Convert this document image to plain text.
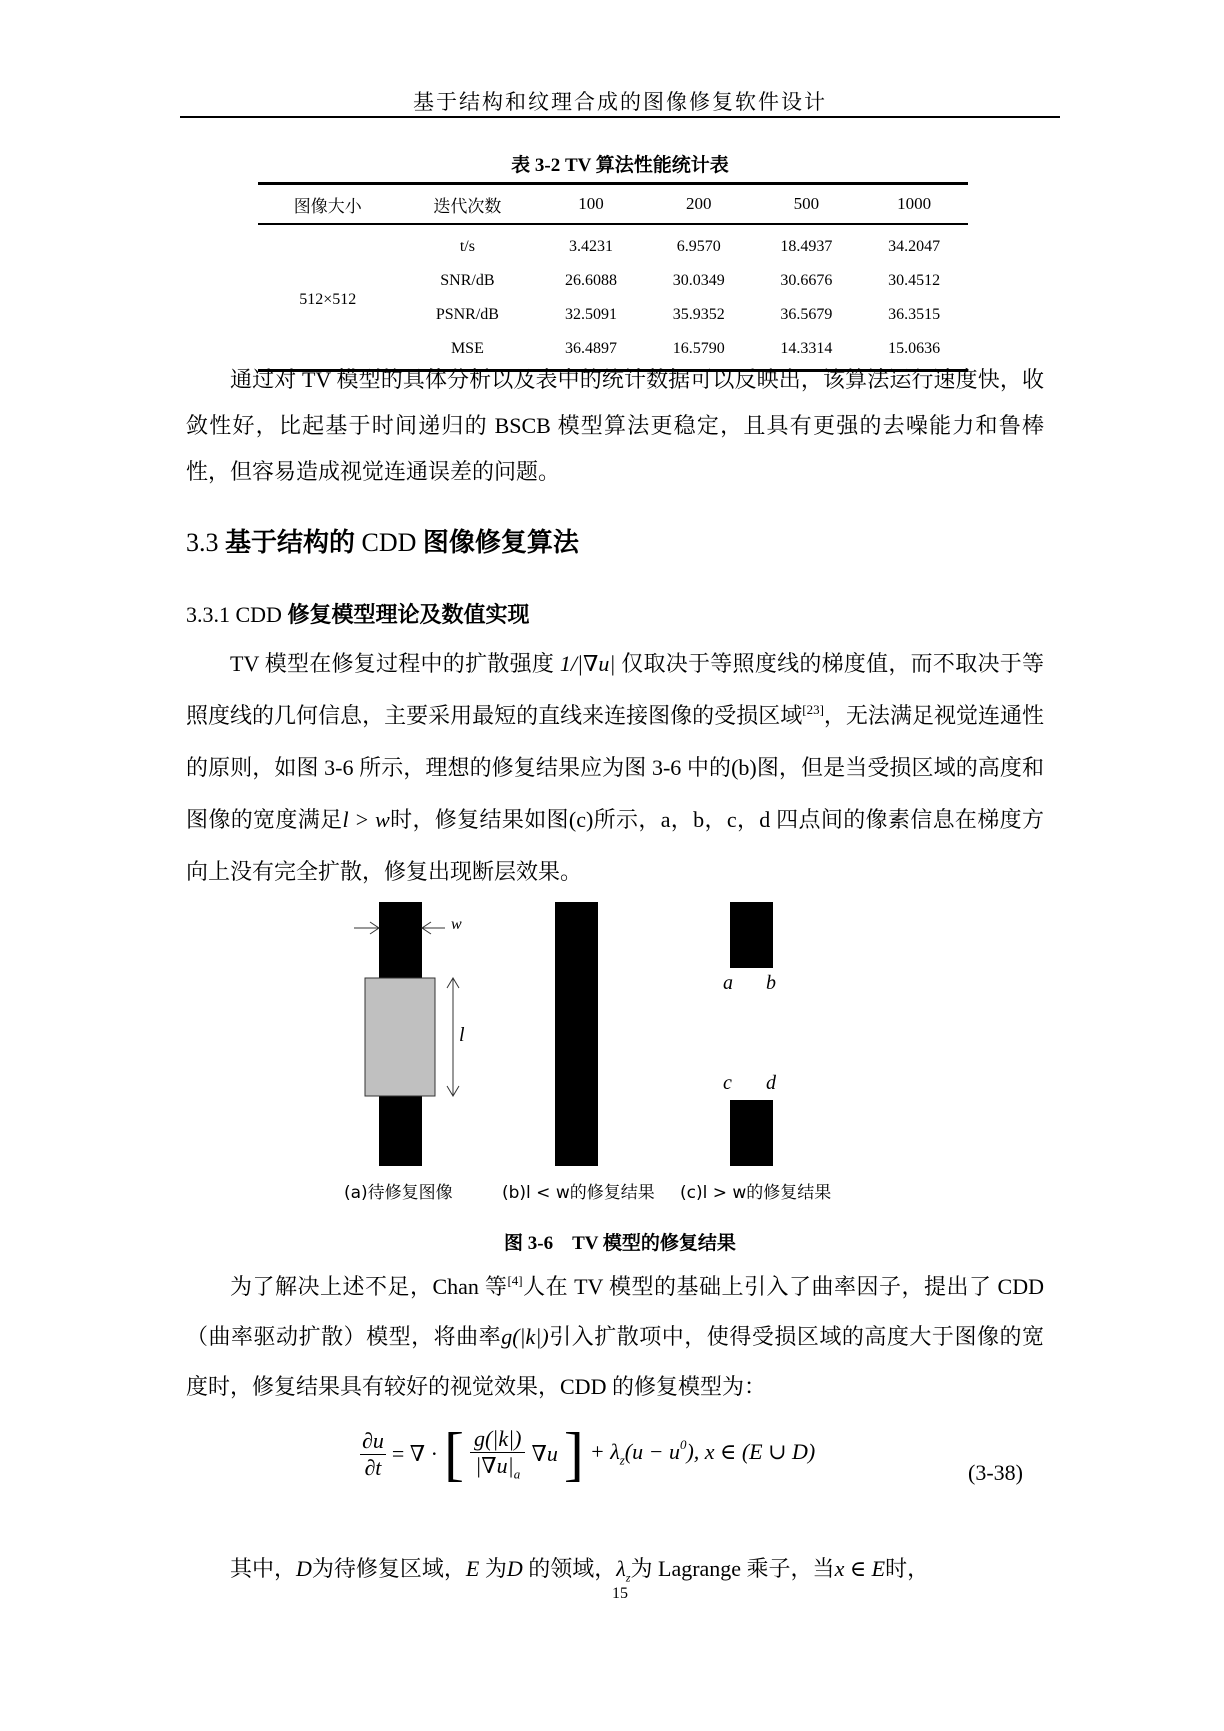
基于结构和纹理合成的图像修复软件设计
表 3-2 TV 算法性能统计表
图像大小	迭代次数	100	200	500	1000
512×512	t/s	3.4231	6.9570	18.4937	34.2047
	SNR/dB	26.6088	30.0349	30.6676	30.4512
	PSNR/dB	32.5091	35.9352	36.5679	36.3515
	MSE	36.4897	16.5790	14.3314	15.0636
通过对 TV 模型的具体分析以及表中的统计数据可以反映出，该算法运行速度快，收敛性好，比起基于时间递归的 BSCB 模型算法更稳定，且具有更强的去噪能力和鲁棒性，但容易造成视觉连通误差的问题。
3.3 基于结构的 CDD 图像修复算法
3.3.1 CDD 修复模型理论及数值实现
TV 模型在修复过程中的扩散强度 1/|∇u| 仅取决于等照度线的梯度值，而不取决于等照度线的几何信息，主要采用最短的直线来连接图像的受损区域[23]，无法满足视觉连通性的原则，如图 3-6 所示，理想的修复结果应为图 3-6 中的(b)图，但是当受损区域的高度和图像的宽度满足l > w时，修复结果如图(c)所示，a，b，c，d 四点间的像素信息在梯度方向上没有完全扩散，修复出现断层效果。
w
l
a b
c
(a)待修复图像	(b)l < w的修复结果 (c)l > w的修复结果
d
图 3-6　TV 模型的修复结果
为了解决上述不足，Chan 等[4]人在 TV 模型的基础上引入了曲率因子，提出了 CDD（曲率驱动扩散）模型，将曲率g(|k|)引入扩散项中，使得受损区域的高度大于图像的宽度时，修复结果具有较好的视觉效果，CDD 的修复模型为：
$\frac{\partial u}{\partial t}$ = ∇ · [ $\frac{g(|k|)}{|\nabla u|_a} \nabla u$ ] + $\lambda_z(u - u^0)$, x ∈ (E ∪ D)
(3-38)
其中，D为待修复区域，E 为D 的领域，$\lambda_z$为 Lagrange 乘子，当x ∈ E时，
15
